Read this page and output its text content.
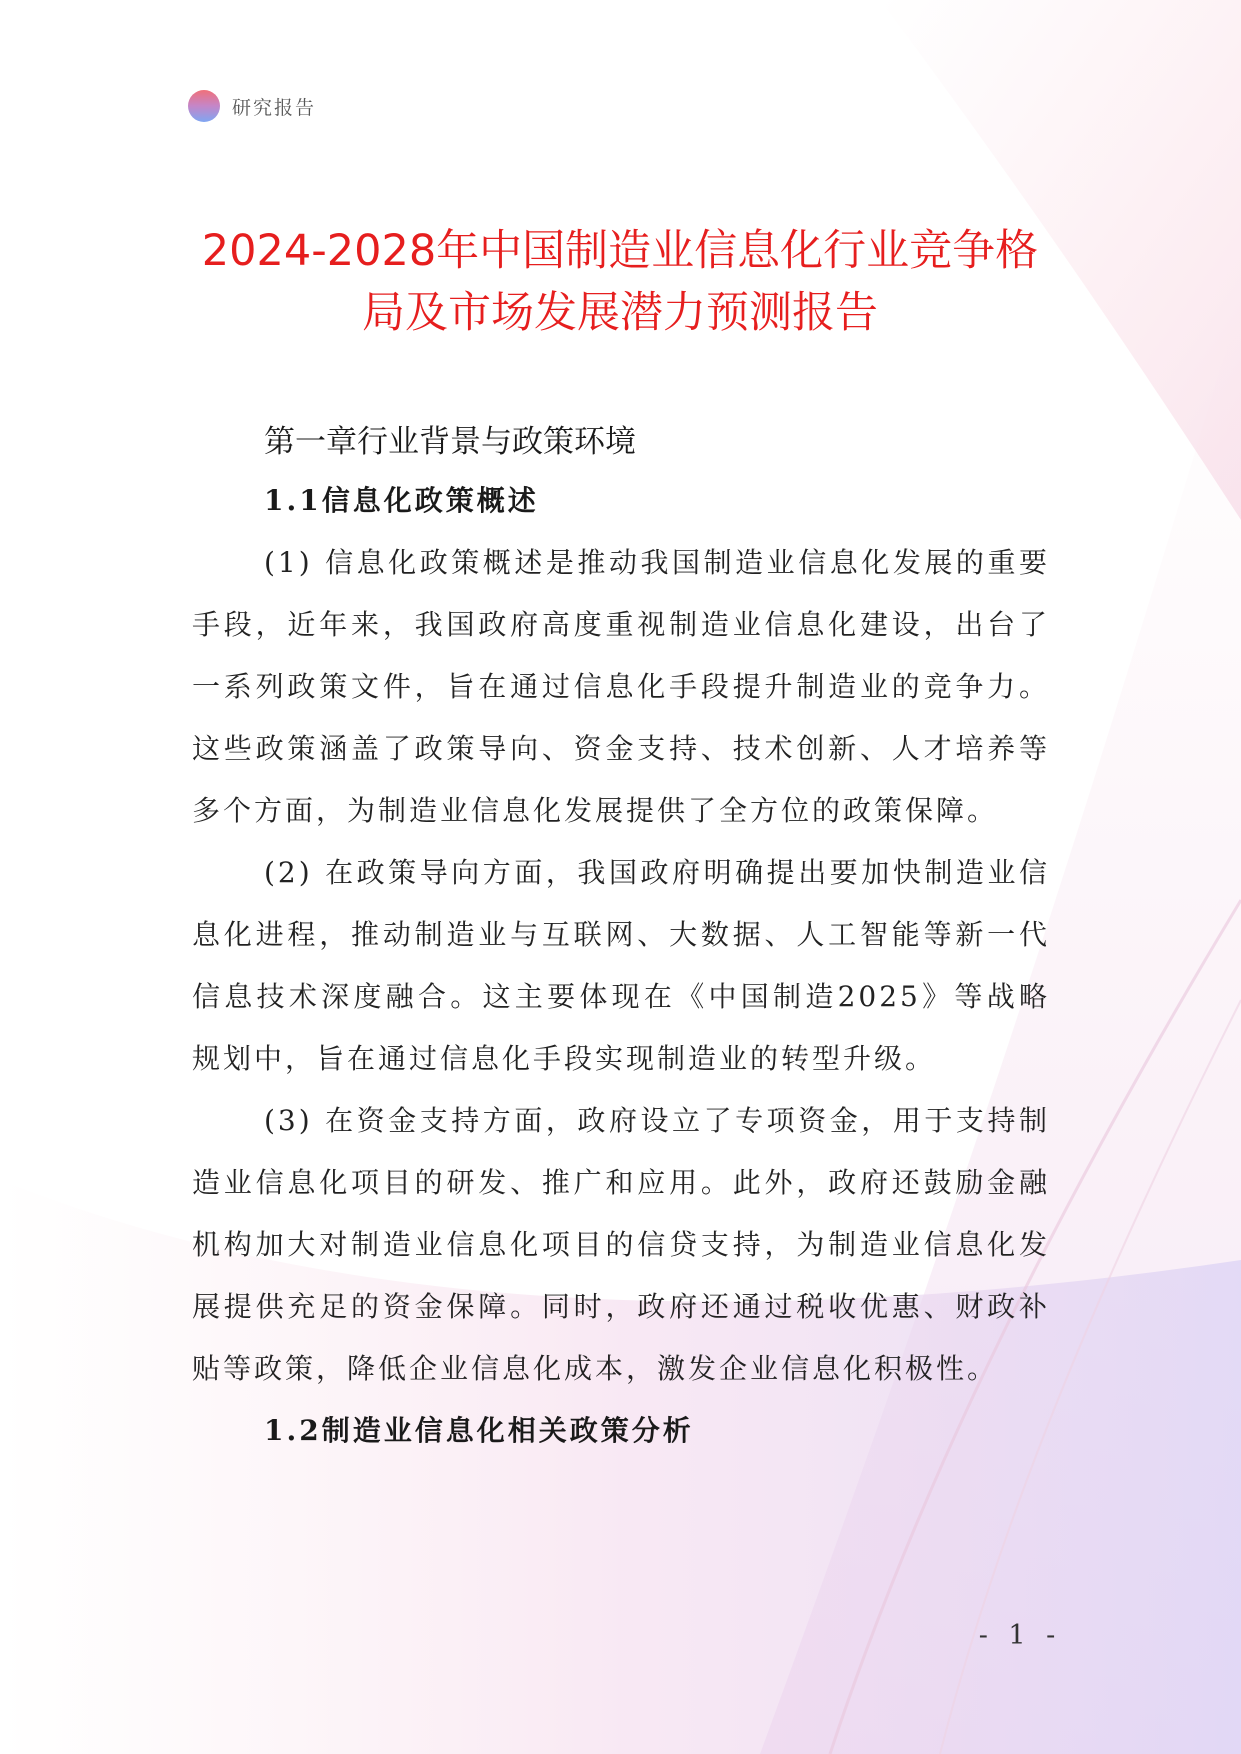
研究报告
2024-2028年中国制造业信息化行业竞争格
局及市场发展潜力预测报告
第一章行业背景与政策环境
1.1信息化政策概述

(1) 信息化政策概述是推动我国制造业信息化发展的重要手段，近年来，我国政府高度重视制造业信息化建设，出台了一系列政策文件，旨在通过信息化手段提升制造业的竞争力。这些政策涵盖了政策导向、资金支持、技术创新、人才培养等多个方面，为制造业信息化发展提供了全方位的政策保障。

(2) 在政策导向方面，我国政府明确提出要加快制造业信息化进程，推动制造业与互联网、大数据、人工智能等新一代信息技术深度融合。这主要体现在《中国制造2025》等战略规划中，旨在通过信息化手段实现制造业的转型升级。

(3) 在资金支持方面，政府设立了专项资金，用于支持制造业信息化项目的研发、推广和应用。此外，政府还鼓励金融机构加大对制造业信息化项目的信贷支持，为制造业信息化发展提供充足的资金保障。同时，政府还通过税收优惠、财政补贴等政策，降低企业信息化成本，激发企业信息化积极性。

1.2制造业信息化相关政策分析
- 1 -
